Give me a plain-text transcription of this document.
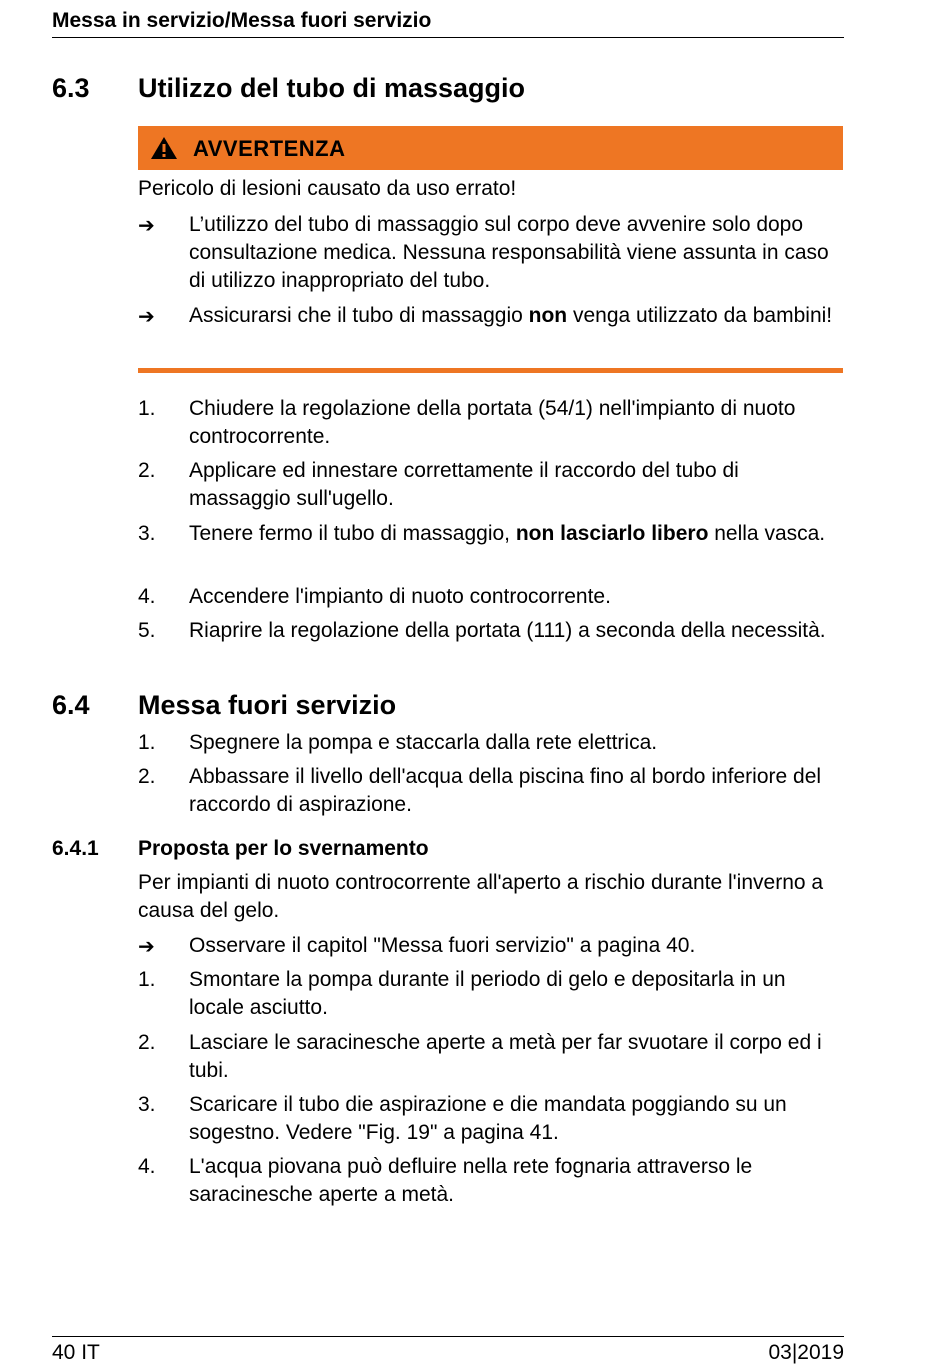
Messa in servizio/Messa fuori servizio
6.3 Utilizzo del tubo di massaggio
AVVERTENZA
Pericolo di lesioni causato da uso errato!
➔	L’utilizzo del tubo di massaggio sul corpo deve avvenire solo dopo consultazione medica. Nessuna responsabilità viene assunta in caso di utilizzo inappropriato del tubo.
➔	Assicurarsi che il tubo di massaggio non venga utilizzato da bambini!
1.	Chiudere la regolazione della portata (54/1) nell'impianto di nuoto controcorrente.
2.	Applicare ed innestare correttamente il raccordo del tubo di massaggio sull'ugello.
3.	Tenere fermo il tubo di massaggio, non lasciarlo libero nella vasca.
4.	Accendere l'impianto di nuoto controcorrente.
5.	Riaprire la regolazione della portata (111) a seconda della necessità.
6.4 Messa fuori servizio
1.	Spegnere la pompa e staccarla dalla rete elettrica.
2.	Abbassare il livello dell'acqua della piscina fino al bordo inferiore del raccordo di aspirazione.
6.4.1 Proposta per lo svernamento
Per impianti di nuoto controcorrente all'aperto a rischio durante l'inverno a causa del gelo.
➔	Osservare il capitol "Messa fuori servizio" a pagina 40.
1.	Smontare la pompa durante il periodo di gelo e depositarla in un locale asciutto.
2.	Lasciare le saracinesche aperte a metà per far svuotare il corpo ed i tubi.
3.	Scaricare il tubo die aspirazione e die mandata poggiando su un sogestno. Vedere "Fig. 19" a pagina 41.
4.	L'acqua piovana può defluire nella rete fognaria attraverso le saracinesche aperte a metà.
40 IT	03|2019
